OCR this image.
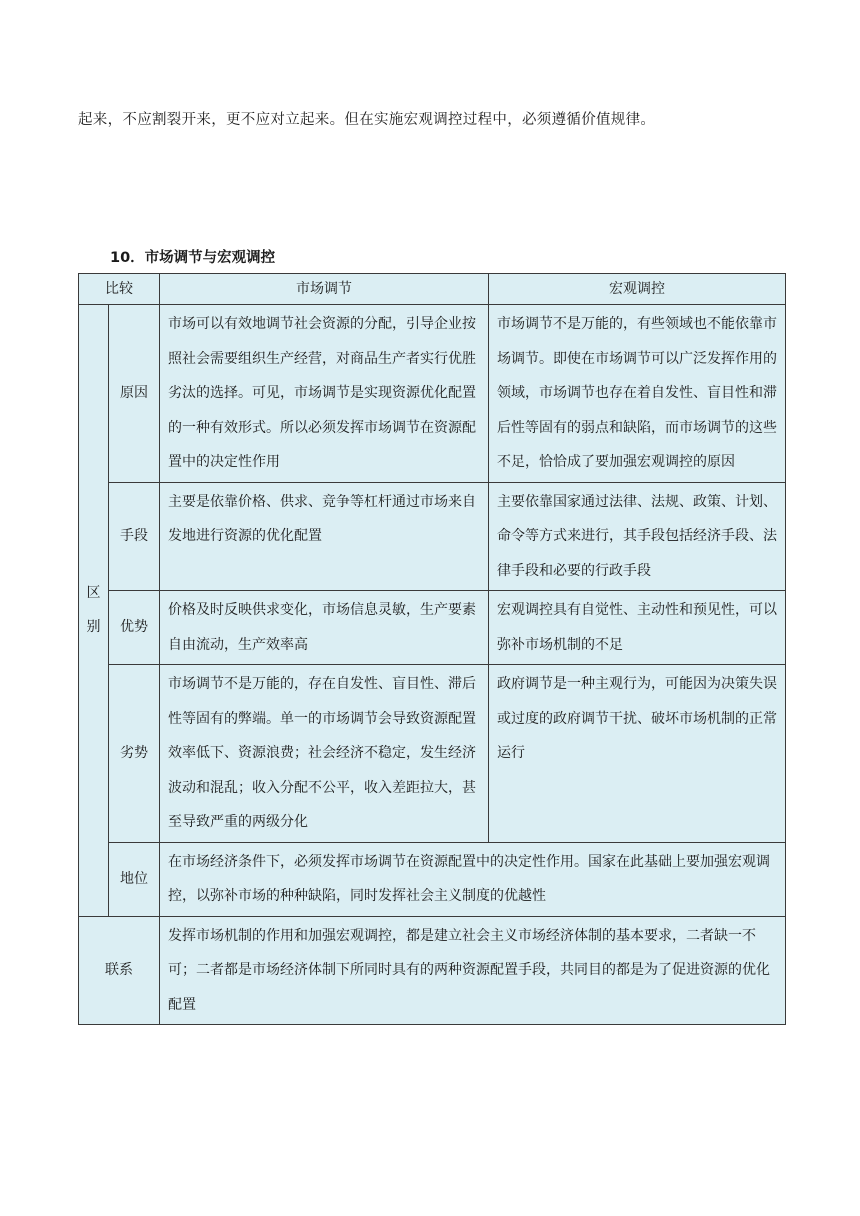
起来，不应割裂开来，更不应对立起来。但在实施宏观调控过程中，必须遵循价值规律。
10．市场调节与宏观调控
比较		市场调节	宏观调控
区
别	原因	市场可以有效地调节社会资源的分配，引导企业按照社会需要组织生产经营，对商品生产者实行优胜劣汰的选择。可见，市场调节是实现资源优化配置的一种有效形式。所以必须发挥市场调节在资源配置中的决定性作用	市场调节不是万能的，有些领域也不能依靠市场调节。即使在市场调节可以广泛发挥作用的领域，市场调节也存在着自发性、盲目性和滞后性等固有的弱点和缺陷，而市场调节的这些不足，恰恰成了要加强宏观调控的原因
	手段	主要是依靠价格、供求、竞争等杠杆通过市场来自发地进行资源的优化配置	主要依靠国家通过法律、法规、政策、计划、命令等方式来进行，其手段包括经济手段、法律手段和必要的行政手段
	优势	价格及时反映供求变化，市场信息灵敏，生产要素自由流动，生产效率高	宏观调控具有自觉性、主动性和预见性，可以弥补市场机制的不足
	劣势	市场调节不是万能的，存在自发性、盲目性、滞后性等固有的弊端。单一的市场调节会导致资源配置效率低下、资源浪费；社会经济不稳定，发生经济波动和混乱；收入分配不公平，收入差距拉大，甚至导致严重的两级分化	政府调节是一种主观行为，可能因为决策失误或过度的政府调节干扰、破坏市场机制的正常运行
	地位	在市场经济条件下，必须发挥市场调节在资源配置中的决定性作用。国家在此基础上要加强宏观调控，以弥补市场的种种缺陷，同时发挥社会主义制度的优越性	
联系		发挥市场机制的作用和加强宏观调控，都是建立社会主义市场经济体制的基本要求，二者缺一不可；二者都是市场经济体制下所同时具有的两种资源配置手段，共同目的都是为了促进资源的优化配置	
